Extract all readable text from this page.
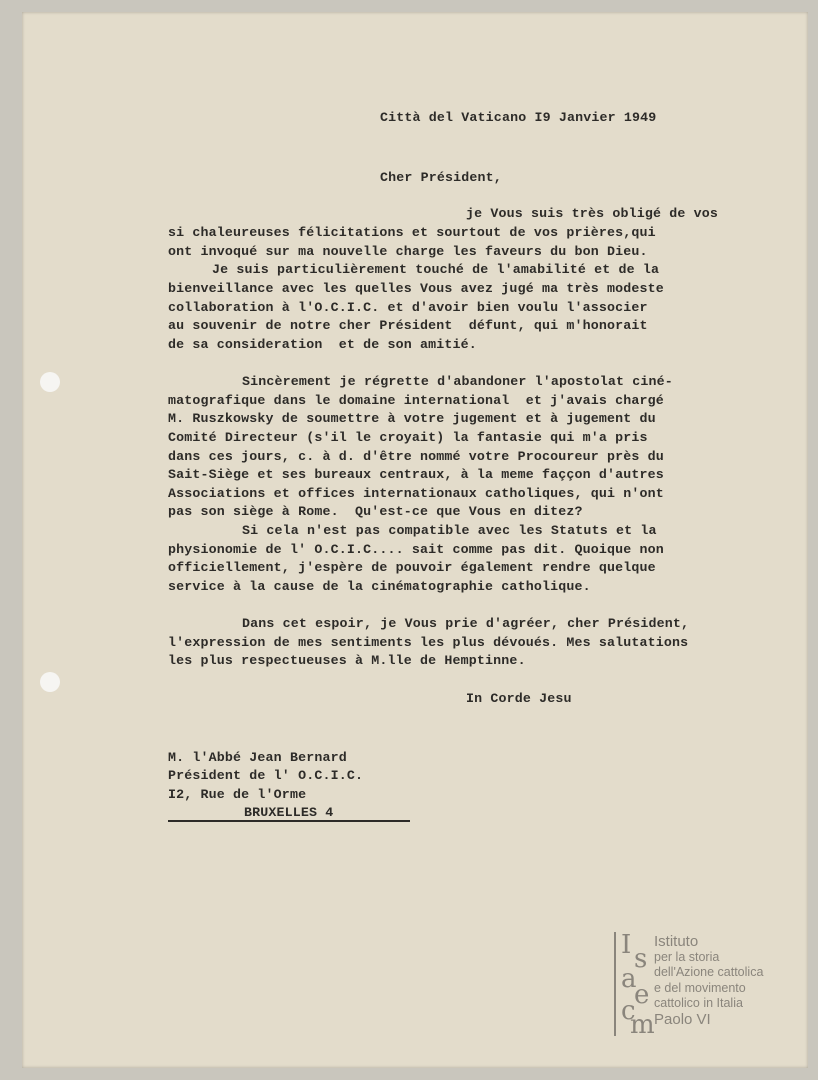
Città del Vaticano I9 Janvier 1949
Cher Président,
je Vous suis très obligé de vos
si chaleureuses félicitations et sourtout de vos prières,qui
ont invoqué sur ma nouvelle charge les faveurs du bon Dieu.
Je suis particulièrement touché de l'amabilité et de la
bienveillance avec les quelles Vous avez jugé ma très modeste
collaboration à l'O.C.I.C. et d'avoir bien voulu l'associer
au souvenir de notre cher Président  défunt, qui m'honorait
de sa consideration  et de son amitié.
Sincèrement je régrette d'abandoner l'apostolat ciné-
matografique dans le domaine international  et j'avais chargé
M. Ruszkowsky de soumettre à votre jugement et à jugement du
Comité Directeur (s'il le croyait) la fantasie qui m'a pris
dans ces jours, c. à d. d'être nommé votre Procoureur près du
Sait-Siège et ses bureaux centraux, à la meme faççon d'autres
Associations et offices internationaux catholiques, qui n'ont
pas son siège à Rome.  Qu'est-ce que Vous en ditez?
Si cela n'est pas compatible avec les Statuts et la
physionomie de l' O.C.I.C.... sait comme pas dit. Quoique non
officiellement, j'espère de pouvoir également rendre quelque
service à la cause de la cinématographie catholique.
Dans cet espoir, je Vous prie d'agréer, cher Président,
l'expression de mes sentiments les plus dévoués. Mes salutations
les plus respectueuses à M.lle de Hemptinne.
In Corde Jesu
M. l'Abbé Jean Bernard
Président de l' O.C.I.C.
I2, Rue de l'Orme
BRUXELLES 4
I s
a
e
c
m
Istituto
per la storia
dell'Azione cattolica
e del movimento
cattolico in Italia
Paolo VI
